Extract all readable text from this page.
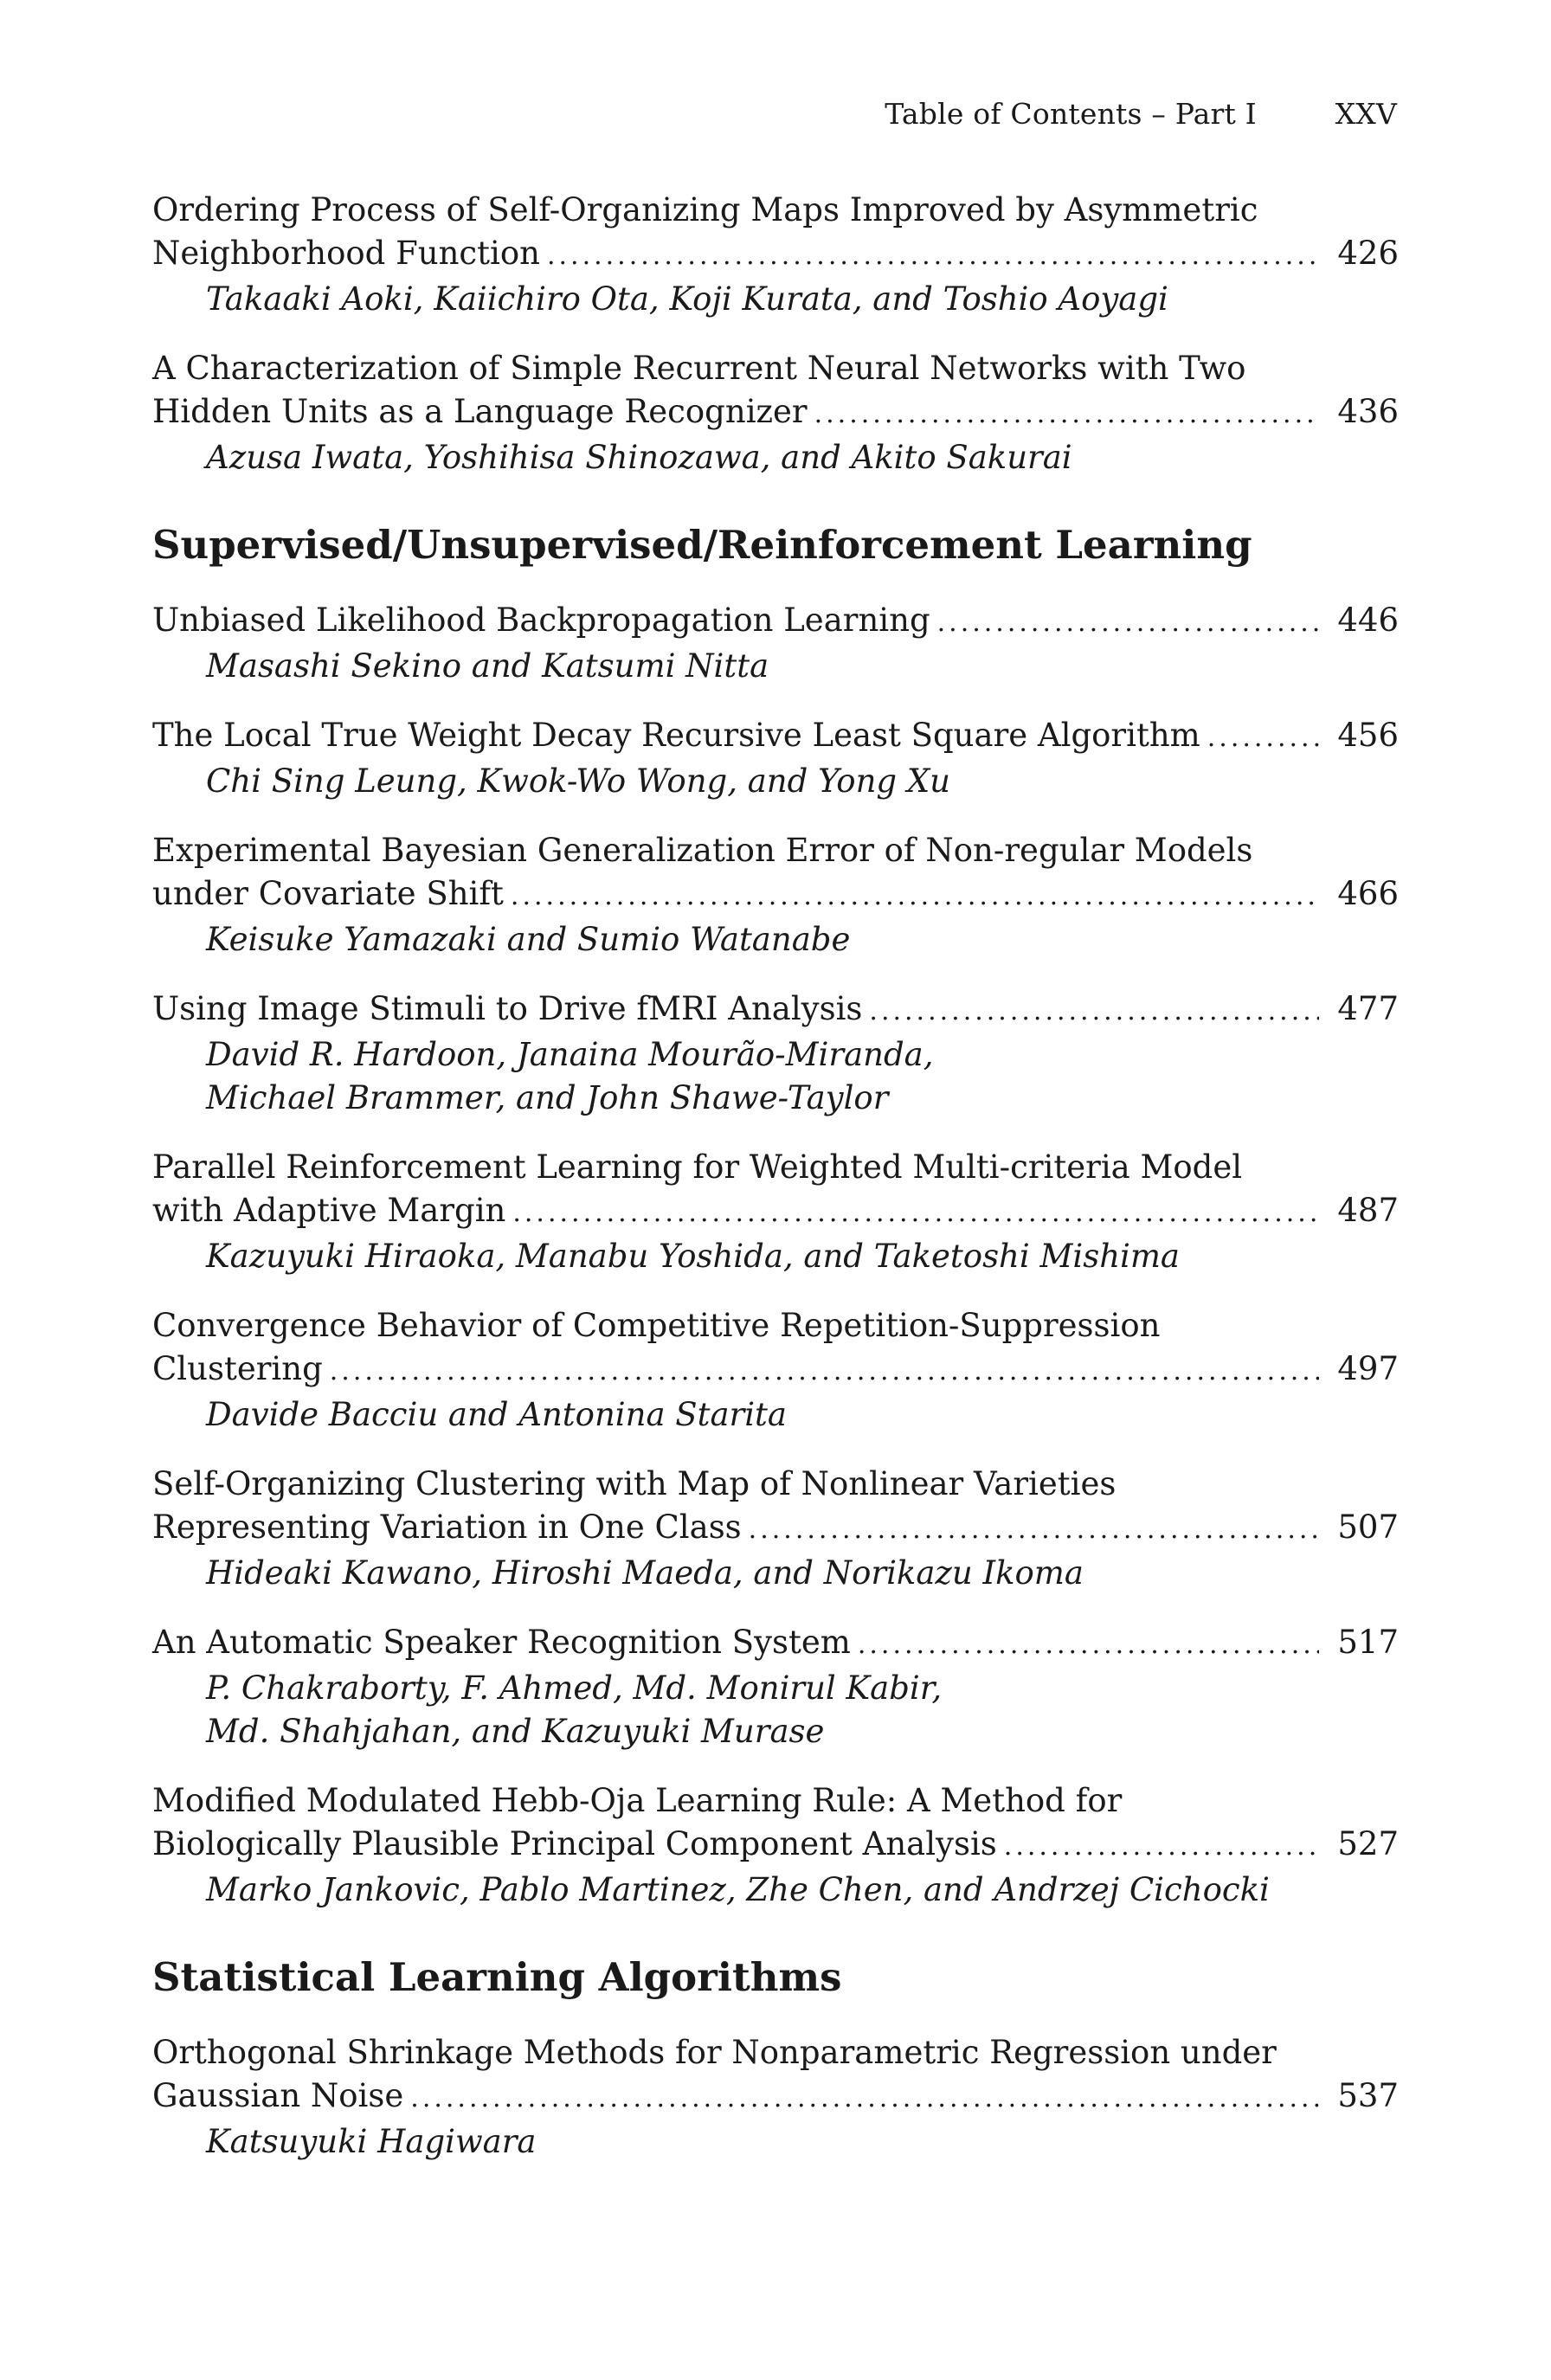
Table of Contents – Part I	XXV
Ordering Process of Self-Organizing Maps Improved by Asymmetric
Neighborhood Function .....	426
Takaaki Aoki, Kaiichiro Ota, Koji Kurata, and Toshio Aoyagi
A Characterization of Simple Recurrent Neural Networks with Two
Hidden Units as a Language Recognizer .....	436
Azusa Iwata, Yoshihisa Shinozawa, and Akito Sakurai
Supervised/Unsupervised/Reinforcement Learning
Unbiased Likelihood Backpropagation Learning .....	446
Masashi Sekino and Katsumi Nitta
The Local True Weight Decay Recursive Least Square Algorithm .....	456
Chi Sing Leung, Kwok-Wo Wong, and Yong Xu
Experimental Bayesian Generalization Error of Non-regular Models
under Covariate Shift .....	466
Keisuke Yamazaki and Sumio Watanabe
Using Image Stimuli to Drive fMRI Analysis .....	477
David R. Hardoon, Janaina Mourão-Miranda,
Michael Brammer, and John Shawe-Taylor
Parallel Reinforcement Learning for Weighted Multi-criteria Model
with Adaptive Margin .....	487
Kazuyuki Hiraoka, Manabu Yoshida, and Taketoshi Mishima
Convergence Behavior of Competitive Repetition-Suppression
Clustering .....	497
Davide Bacciu and Antonina Starita
Self-Organizing Clustering with Map of Nonlinear Varieties
Representing Variation in One Class .....	507
Hideaki Kawano, Hiroshi Maeda, and Norikazu Ikoma
An Automatic Speaker Recognition System .....	517
P. Chakraborty, F. Ahmed, Md. Monirul Kabir,
Md. Shahjahan, and Kazuyuki Murase
Modified Modulated Hebb-Oja Learning Rule: A Method for
Biologically Plausible Principal Component Analysis .....	527
Marko Jankovic, Pablo Martinez, Zhe Chen, and Andrzej Cichocki
Statistical Learning Algorithms
Orthogonal Shrinkage Methods for Nonparametric Regression under
Gaussian Noise .....	537
Katsuyuki Hagiwara
